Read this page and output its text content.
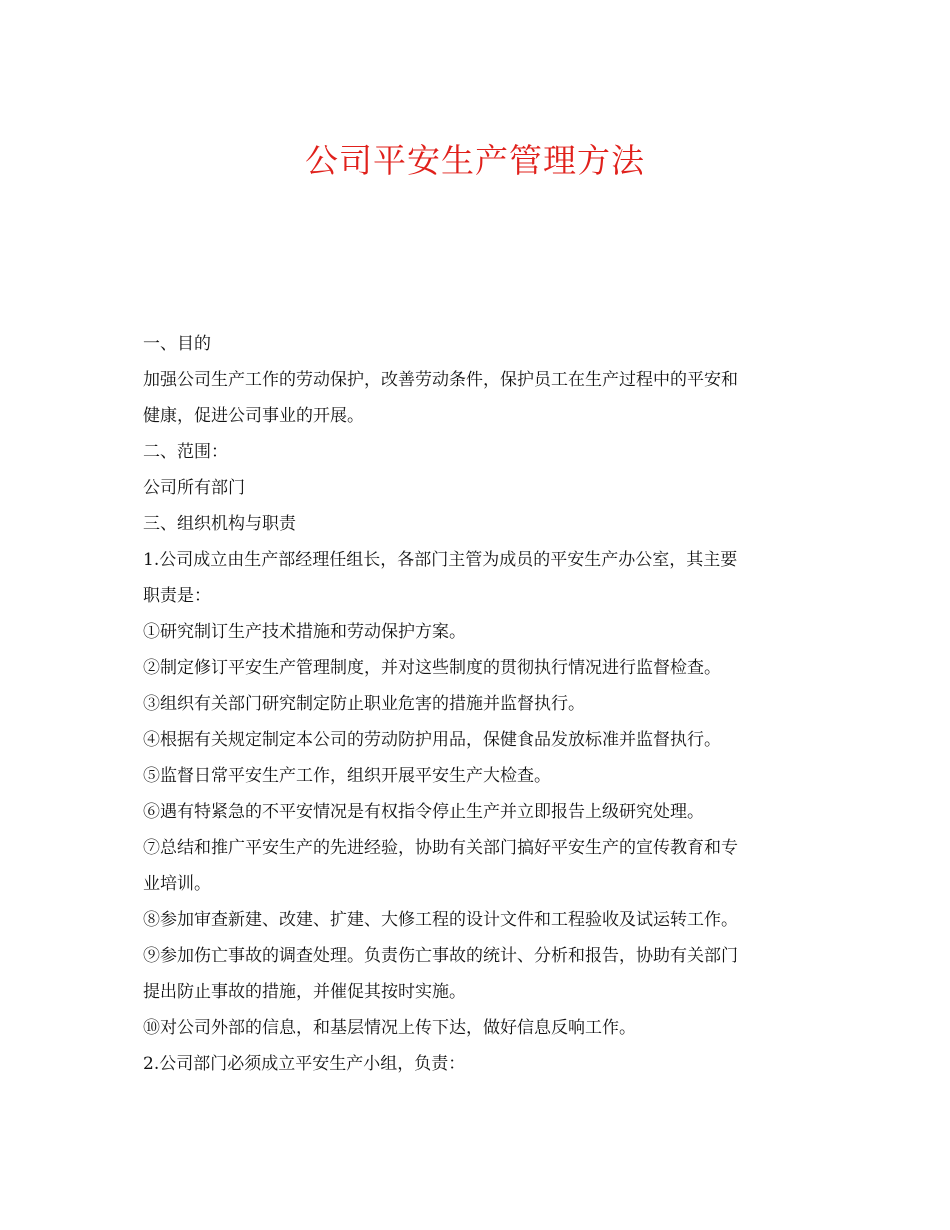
公司平安生产管理方法

一、目的

加强公司生产工作的劳动保护，改善劳动条件，保护员工在生产过程中的平安和

健康，促进公司事业的开展。

二、范围：

公司所有部门

三、组织机构与职责

1.公司成立由生产部经理任组长，各部门主管为成员的平安生产办公室，其主要

职责是：

①研究制订生产技术措施和劳动保护方案。

②制定修订平安生产管理制度，并对这些制度的贯彻执行情况进行监督检查。

③组织有关部门研究制定防止职业危害的措施并监督执行。

④根据有关规定制定本公司的劳动防护用品，保健食品发放标准并监督执行。

⑤监督日常平安生产工作，组织开展平安生产大检查。

⑥遇有特紧急的不平安情况是有权指令停止生产并立即报告上级研究处理。

⑦总结和推广平安生产的先进经验，协助有关部门搞好平安生产的宣传教育和专

业培训。

⑧参加审查新建、改建、扩建、大修工程的设计文件和工程验收及试运转工作。

⑨参加伤亡事故的调查处理。负责伤亡事故的统计、分析和报告，协助有关部门

提出防止事故的措施，并催促其按时实施。

⑩对公司外部的信息，和基层情况上传下达，做好信息反响工作。

2.公司部门必须成立平安生产小组，负责：
